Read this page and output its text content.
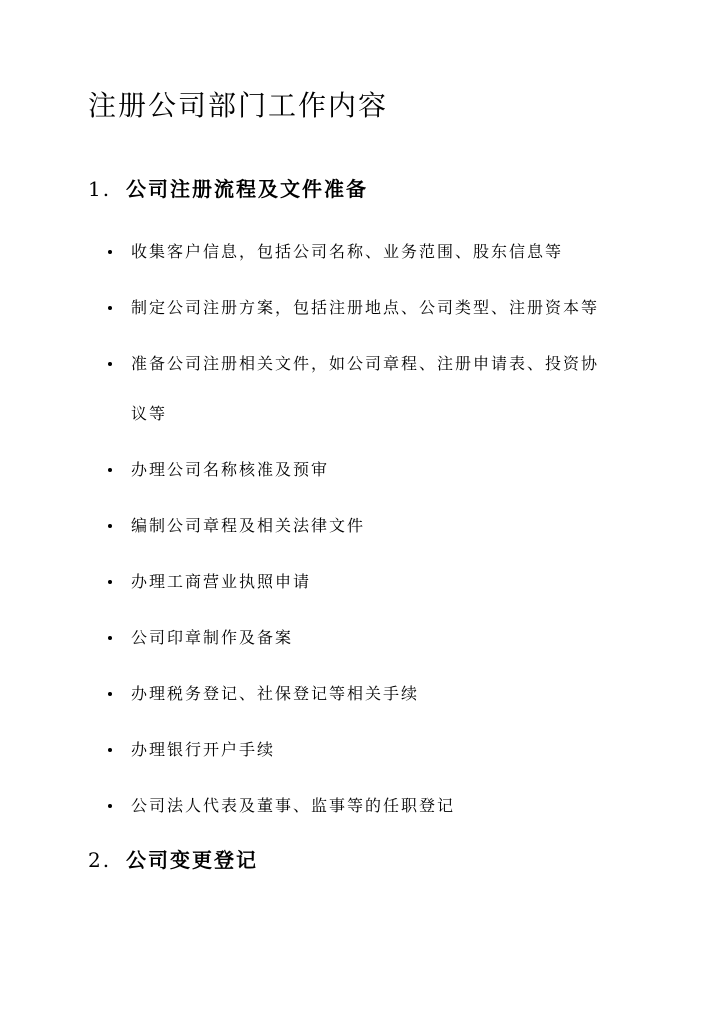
注册公司部门工作内容
1. 公司注册流程及文件准备
收集客户信息，包括公司名称、业务范围、股东信息等
制定公司注册方案，包括注册地点、公司类型、注册资本等
准备公司注册相关文件，如公司章程、注册申请表、投资协
议等
办理公司名称核准及预审
编制公司章程及相关法律文件
办理工商营业执照申请
公司印章制作及备案
办理税务登记、社保登记等相关手续
办理银行开户手续
公司法人代表及董事、监事等的任职登记
2. 公司变更登记
